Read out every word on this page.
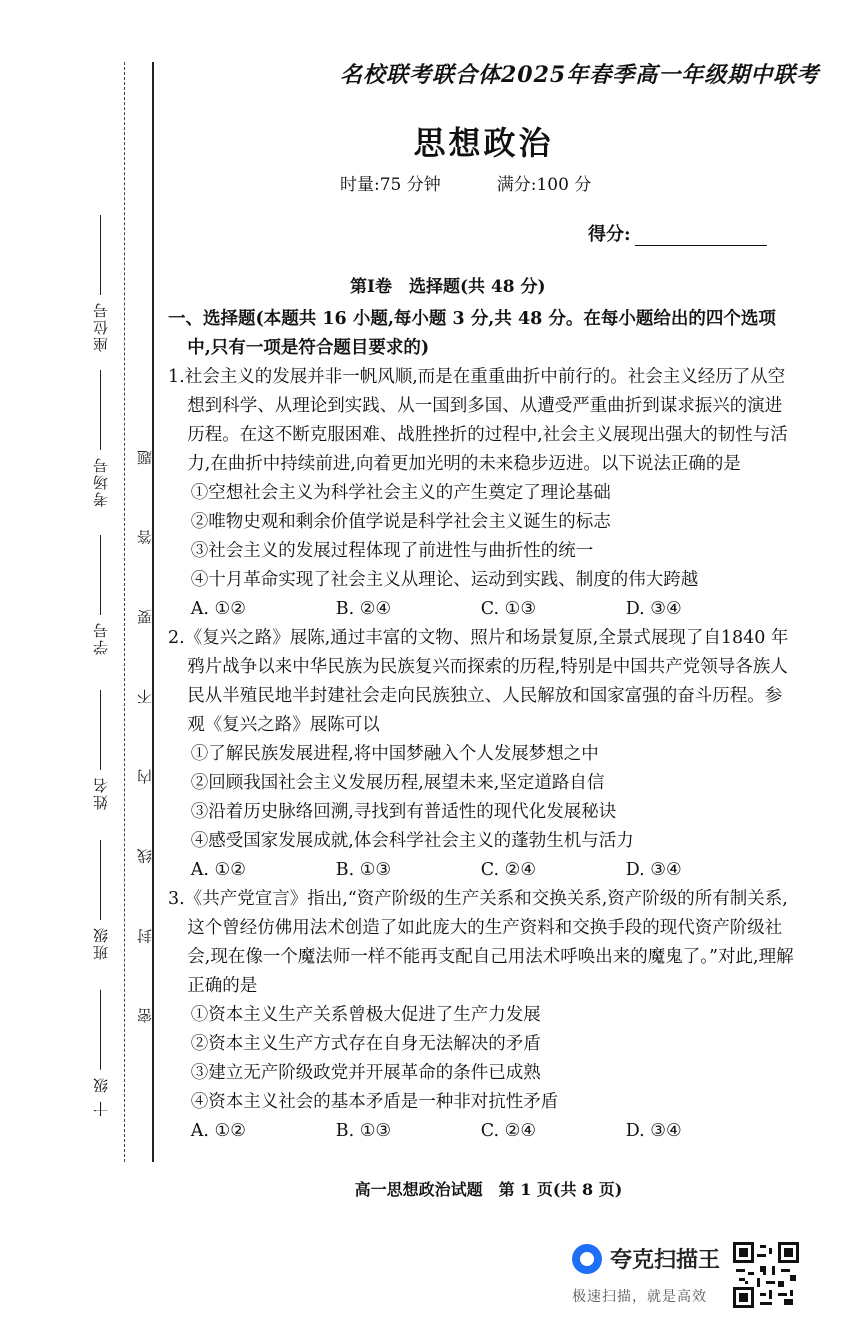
座位号
考场号
学号
姓名
班级
十 级
密 封 线 内 不 要 答 题
名校联考联合体2025年春季高一年级期中联考
思想政治
时量:75 分钟	满分:100 分
得分:
第Ⅰ卷　选择题(共 48 分)

一、选择题(本题共 16 小题,每小题 3 分,共 48 分。在每小题给出的四个选项中,只有一项是符合题目要求的)

1.社会主义的发展并非一帆风顺,而是在重重曲折中前行的。社会主义经历了从空想到科学、从理论到实践、从一国到多国、从遭受严重曲折到谋求振兴的演进历程。在这不断克服困难、战胜挫折的过程中,社会主义展现出强大的韧性与活力,在曲折中持续前进,向着更加光明的未来稳步迈进。以下说法正确的是

①空想社会主义为科学社会主义的产生奠定了理论基础

②唯物史观和剩余价值学说是科学社会主义诞生的标志

③社会主义的发展过程体现了前进性与曲折性的统一

④十月革命实现了社会主义从理论、运动到实践、制度的伟大跨越

A. ①②	B. ②④	C. ①③	D. ③④

2.《复兴之路》展陈,通过丰富的文物、照片和场景复原,全景式展现了自1840 年鸦片战争以来中华民族为民族复兴而探索的历程,特别是中国共产党领导各族人民从半殖民地半封建社会走向民族独立、人民解放和国家富强的奋斗历程。参观《复兴之路》展陈可以

①了解民族发展进程,将中国梦融入个人发展梦想之中

②回顾我国社会主义发展历程,展望未来,坚定道路自信

③沿着历史脉络回溯,寻找到有普适性的现代化发展秘诀

④感受国家发展成就,体会科学社会主义的蓬勃生机与活力

A. ①②	B. ①③	C. ②④	D. ③④

3.《共产党宣言》指出,“资产阶级的生产关系和交换关系,资产阶级的所有制关系,这个曾经仿佛用法术创造了如此庞大的生产资料和交换手段的现代资产阶级社会,现在像一个魔法师一样不能再支配自己用法术呼唤出来的魔鬼了。”对此,理解正确的是

①资本主义生产关系曾极大促进了生产力发展

②资本主义生产方式存在自身无法解决的矛盾

③建立无产阶级政党并开展革命的条件已成熟

④资本主义社会的基本矛盾是一种非对抗性矛盾

A. ①②	B. ①③	C. ②④	D. ③④
高一思想政治试题　第 1 页(共 8 页)
夸克扫描王
极速扫描，就是高效
